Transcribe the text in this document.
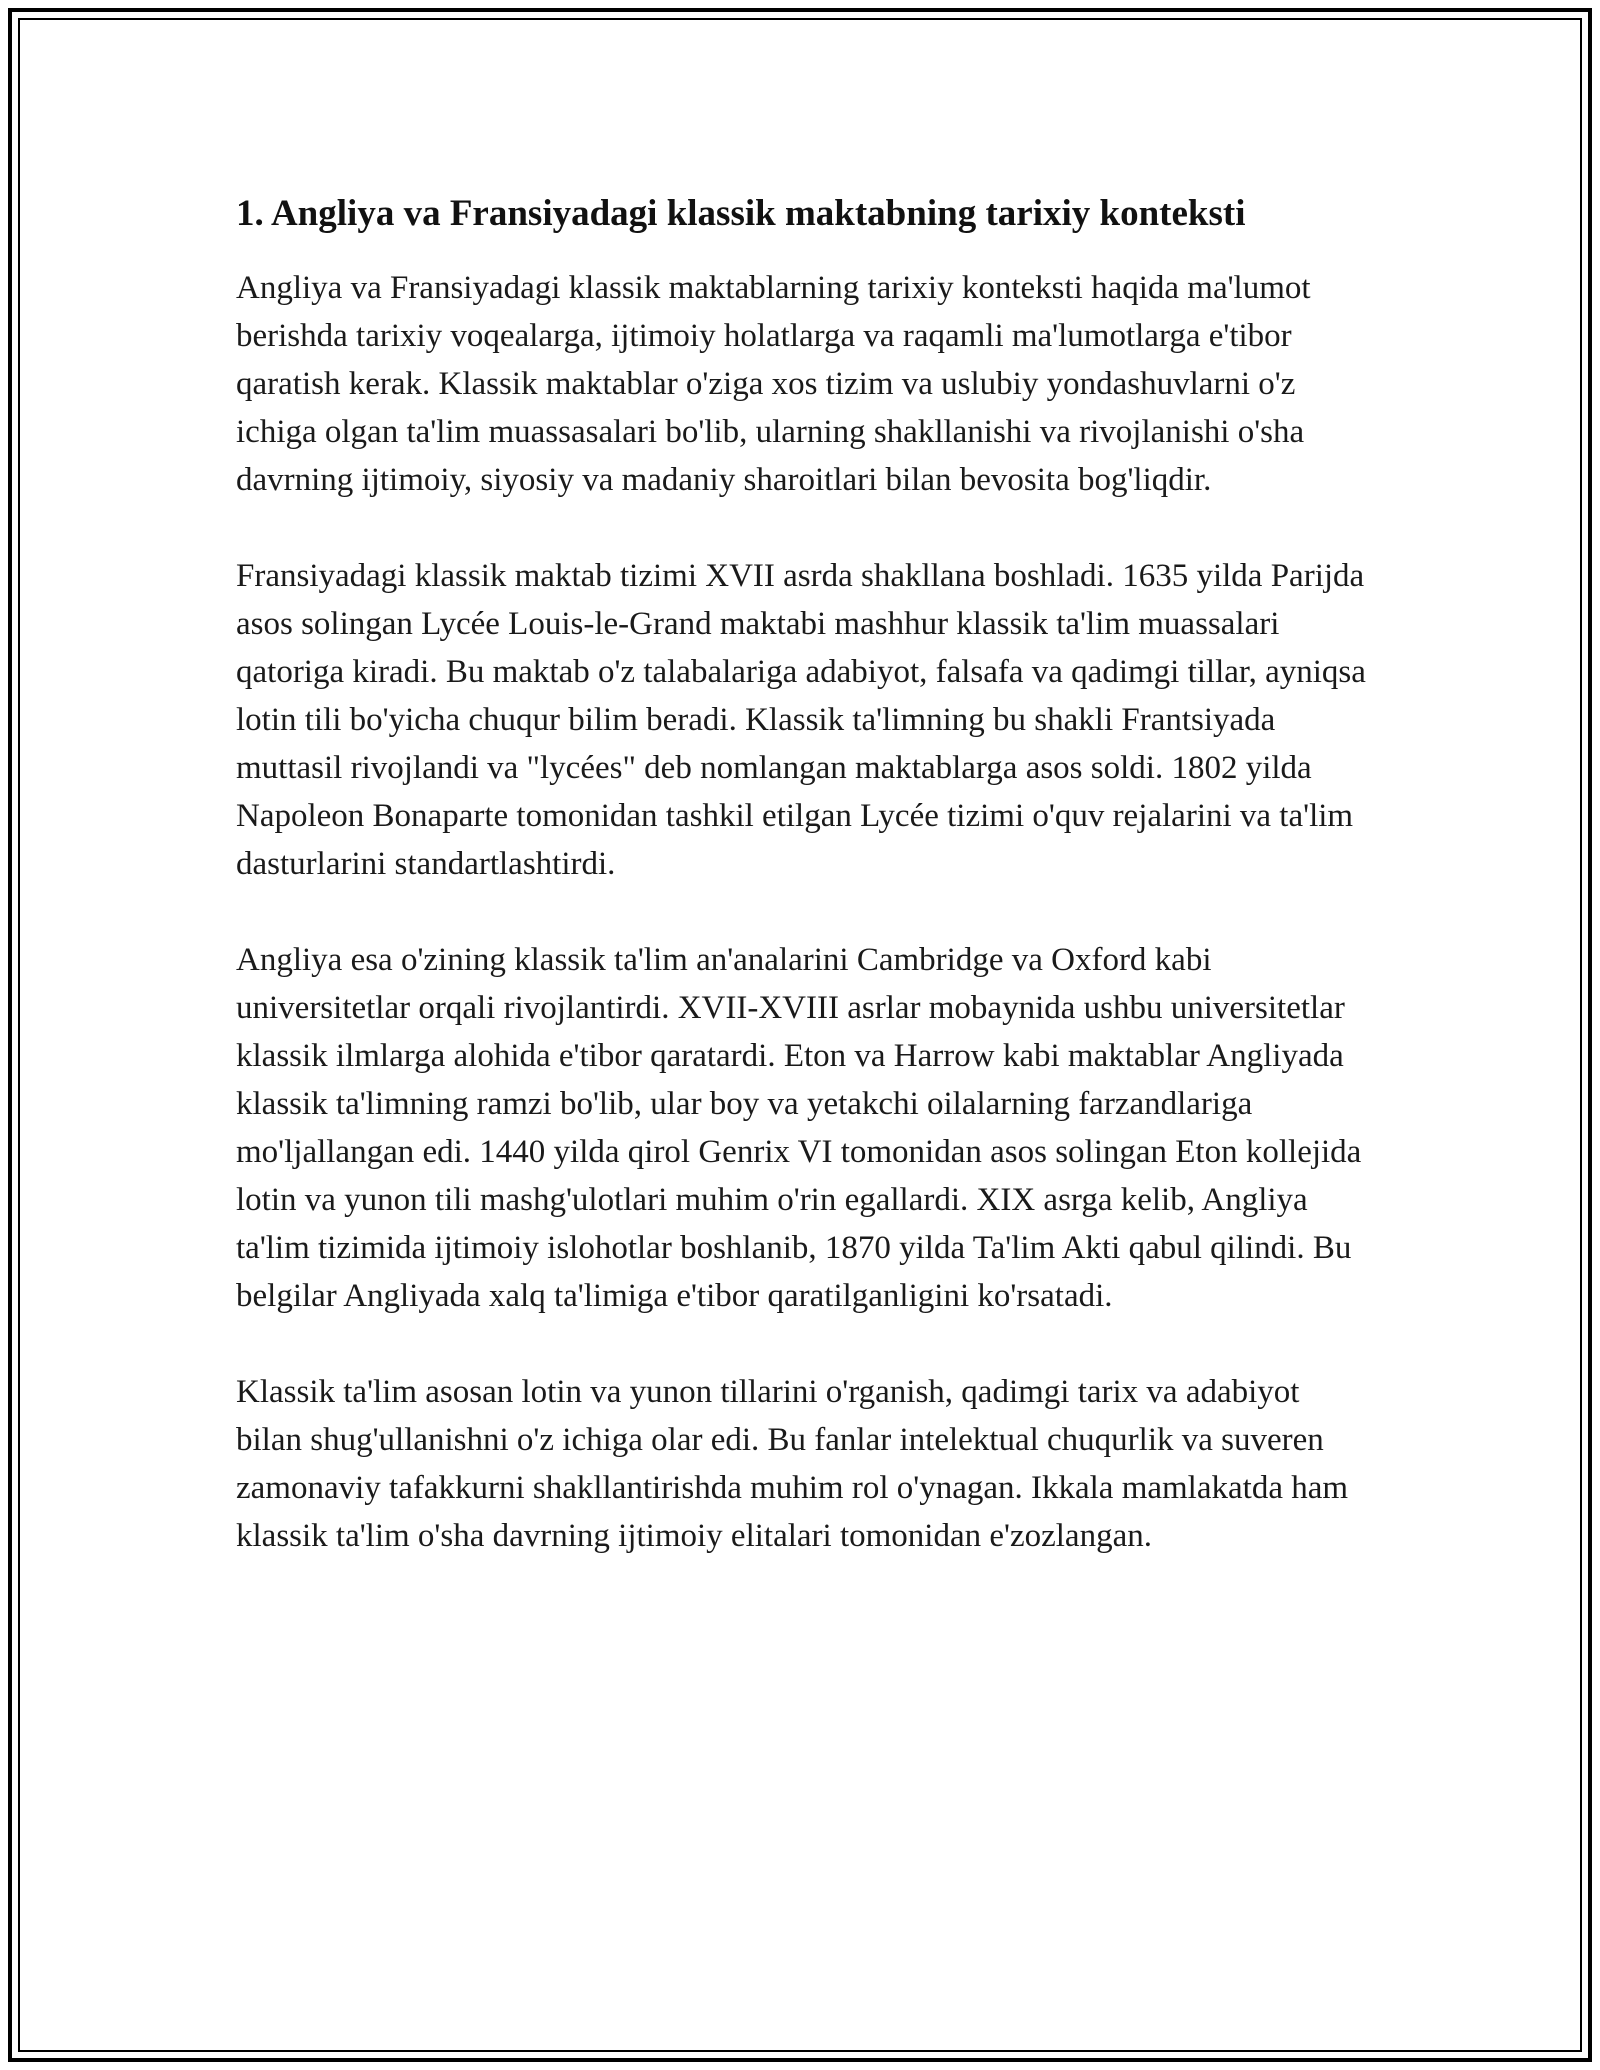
1. Angliya va Fransiyadagi klassik maktabning tarixiy konteksti

Angliya va Fransiyadagi klassik maktablarning tarixiy konteksti haqida ma'lumot berishda tarixiy voqealarga, ijtimoiy holatlarga va raqamli ma'lumotlarga e'tibor qaratish kerak. Klassik maktablar o'ziga xos tizim va uslubiy yondashuvlarni o'z ichiga olgan ta'lim muassasalari bo'lib, ularning shakllanishi va rivojlanishi o'sha davrning ijtimoiy, siyosiy va madaniy sharoitlari bilan bevosita bog'liqdir.

Fransiyadagi klassik maktab tizimi XVII asrda shakllana boshladi. 1635 yilda Parijda asos solingan Lycée Louis-le-Grand maktabi mashhur klassik ta'lim muassalari qatoriga kiradi. Bu maktab o'z talabalariga adabiyot, falsafa va qadimgi tillar, ayniqsa lotin tili bo'yicha chuqur bilim beradi. Klassik ta'limning bu shakli Frantsiyada muttasil rivojlandi va "lycées" deb nomlangan maktablarga asos soldi. 1802 yilda Napoleon Bonaparte tomonidan tashkil etilgan Lycée tizimi o'quv rejalarini va ta'lim dasturlarini standartlashtirdi.

Angliya esa o'zining klassik ta'lim an'analarini Cambridge va Oxford kabi universitetlar orqali rivojlantirdi. XVII-XVIII asrlar mobaynida ushbu universitetlar klassik ilmlarga alohida e'tibor qaratardi. Eton va Harrow kabi maktablar Angliyada klassik ta'limning ramzi bo'lib, ular boy va yetakchi oilalarning farzandlariga mo'ljallangan edi. 1440 yilda qirol Genrix VI tomonidan asos solingan Eton kollejida lotin va yunon tili mashg'ulotlari muhim o'rin egallardi. XIX asrga kelib, Angliya ta'lim tizimida ijtimoiy islohotlar boshlanib, 1870 yilda Ta'lim Akti qabul qilindi. Bu belgilar Angliyada xalq ta'limiga e'tibor qaratilganligini ko'rsatadi.

Klassik ta'lim asosan lotin va yunon tillarini o'rganish, qadimgi tarix va adabiyot bilan shug'ullanishni o'z ichiga olar edi. Bu fanlar intelektual chuqurlik va suveren zamonaviy tafakkurni shakllantirishda muhim rol o'ynagan. Ikkala mamlakatda ham klassik ta'lim o'sha davrning ijtimoiy elitalari tomonidan e'zozlangan.
